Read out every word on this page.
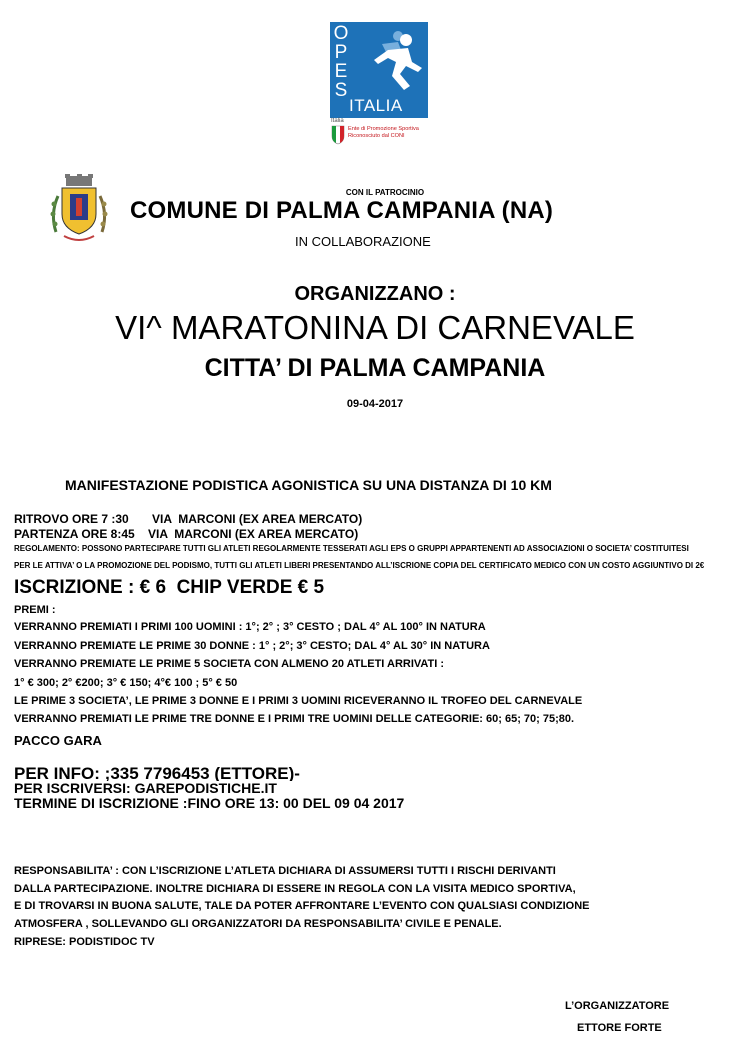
O
P
E
S
ITALIA
Italia
Ente di Promozione Sportiva
Riconosciuto dal CONI
CON IL PATROCINIO
COMUNE DI PALMA CAMPANIA (NA)
IN COLLABORAZIONE
ORGANIZZANO :
VI^ MARATONINA DI CARNEVALE
CITTA’ DI PALMA CAMPANIA
09-04-2017
MANIFESTAZIONE PODISTICA AGONISTICA SU UNA DISTANZA DI 10 KM
RITROVO ORE 7 :30       VIA  MARCONI (EX AREA MERCATO)
PARTENZA ORE 8:45    VIA  MARCONI (EX AREA MERCATO)
REGOLAMENTO: POSSONO PARTECIPARE TUTTI GLI ATLETI REGOLARMENTE TESSERATI AGLI EPS O GRUPPI APPARTENENTI AD ASSOCIAZIONI O SOCIETA’ COSTITUITESI
PER LE ATTIVA’ O LA PROMOZIONE DEL PODISMO, TUTTI GLI ATLETI LIBERI PRESENTANDO ALL’ISCRIONE COPIA DEL CERTIFICATO MEDICO CON UN COSTO AGGIUNTIVO DI 2€
ISCRIZIONE : € 6  CHIP VERDE € 5
PREMI :
VERRANNO PREMIATI I PRIMI 100 UOMINI : 1°; 2° ; 3° CESTO ; DAL 4° AL 100° IN NATURA
VERRANNO PREMIATE LE PRIME 30 DONNE : 1° ; 2°; 3° CESTO; DAL 4° AL 30° IN NATURA
VERRANNO PREMIATE LE PRIME 5 SOCIETA CON ALMENO 20 ATLETI ARRIVATI :
1° € 300; 2° €200; 3° € 150; 4°€ 100 ; 5° € 50
LE PRIME 3 SOCIETA’, LE PRIME 3 DONNE E I PRIMI 3 UOMINI RICEVERANNO IL TROFEO DEL CARNEVALE
VERRANNO PREMIATI LE PRIME TRE DONNE E I PRIMI TRE UOMINI DELLE CATEGORIE: 60; 65; 70; 75;80.
PACCO GARA
PER INFO: ;335 7796453 (ETTORE)-
PER ISCRIVERSI: GAREPODISTICHE.IT
TERMINE DI ISCRIZIONE :FINO ORE 13: 00 DEL 09 04 2017
RESPONSABILITA’ : CON L’ISCRIZIONE L’ATLETA DICHIARA DI ASSUMERSI TUTTI I RISCHI DERIVANTI
DALLA PARTECIPAZIONE. INOLTRE DICHIARA DI ESSERE IN REGOLA CON LA VISITA MEDICO SPORTIVA,
E DI TROVARSI IN BUONA SALUTE, TALE DA POTER AFFRONTARE L’EVENTO CON QUALSIASI CONDIZIONE
ATMOSFERA , SOLLEVANDO GLI ORGANIZZATORI DA RESPONSABILITA’ CIVILE E PENALE.
RIPRESE: PODISTIDOC TV
L’ORGANIZZATORE
ETTORE FORTE
